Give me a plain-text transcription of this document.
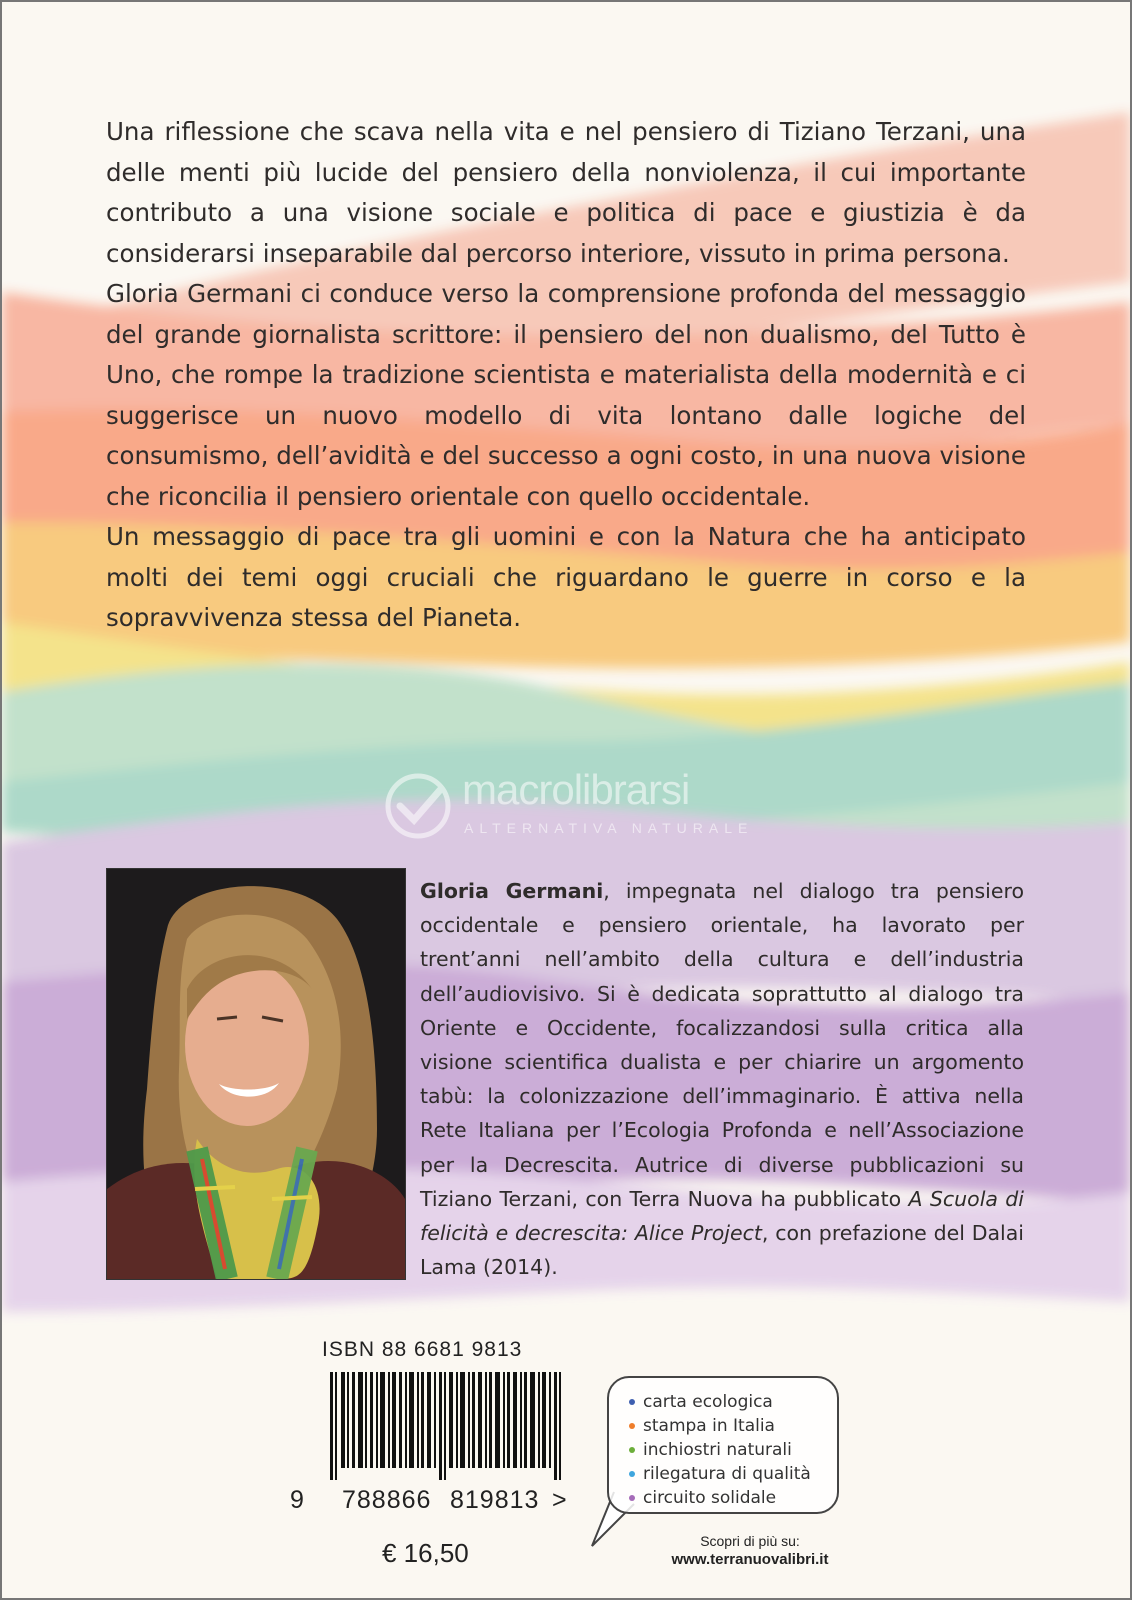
Una riflessione che scava nella vita e nel pensiero di Tiziano Terzani, una delle menti più lucide del pensiero della nonviolenza, il cui importante contributo a una visione sociale e politica di pace e giustizia è da considerarsi inseparabile dal percorso interiore, vissuto in prima persona.

Gloria Germani ci conduce verso la comprensione profonda del messaggio del grande giornalista scrittore: il pensiero del non dualismo, del Tutto è Uno, che rompe la tradizione scientista e materialista della modernità e ci suggerisce un nuovo modello di vita lontano dalle logiche del consumismo, dell’avidità e del successo a ogni costo, in una nuova visione che riconcilia il pensiero orientale con quello occidentale.

Un messaggio di pace tra gli uomini e con la Natura che ha anticipato molti dei temi oggi cruciali che riguardano le guerre in corso e la sopravvivenza stessa del Pianeta.

macrolibrarsi
ALTERNATIVA NATURALE

Gloria Germani, impegnata nel dialogo tra pensiero occidentale e pensiero orientale, ha lavorato per trent’anni nell’ambito della cultura e dell’industria dell’audiovisivo. Si è dedicata soprattutto al dialogo tra Oriente e Occidente, focalizzandosi sulla critica alla visione scientifica dualista e per chiarire un argomento tabù: la colonizzazione dell’immaginario. È attiva nella Rete Italiana per l’Ecologia Profonda e nell’Associazione per la Decrescita. Autrice di diverse pubblicazioni su Tiziano Terzani, con Terra Nuova ha pubblicato A Scuola di felicità e decrescita: Alice Project, con prefazione del Dalai Lama (2014).

ISBN 88 6681 9813
9 788866 819813 >
€ 16,50
carta ecologica
stampa in Italia
inchiostri naturali
rilegatura di qualità
circuito solidale
Scopri di più su:
www.terranuovalibri.it
